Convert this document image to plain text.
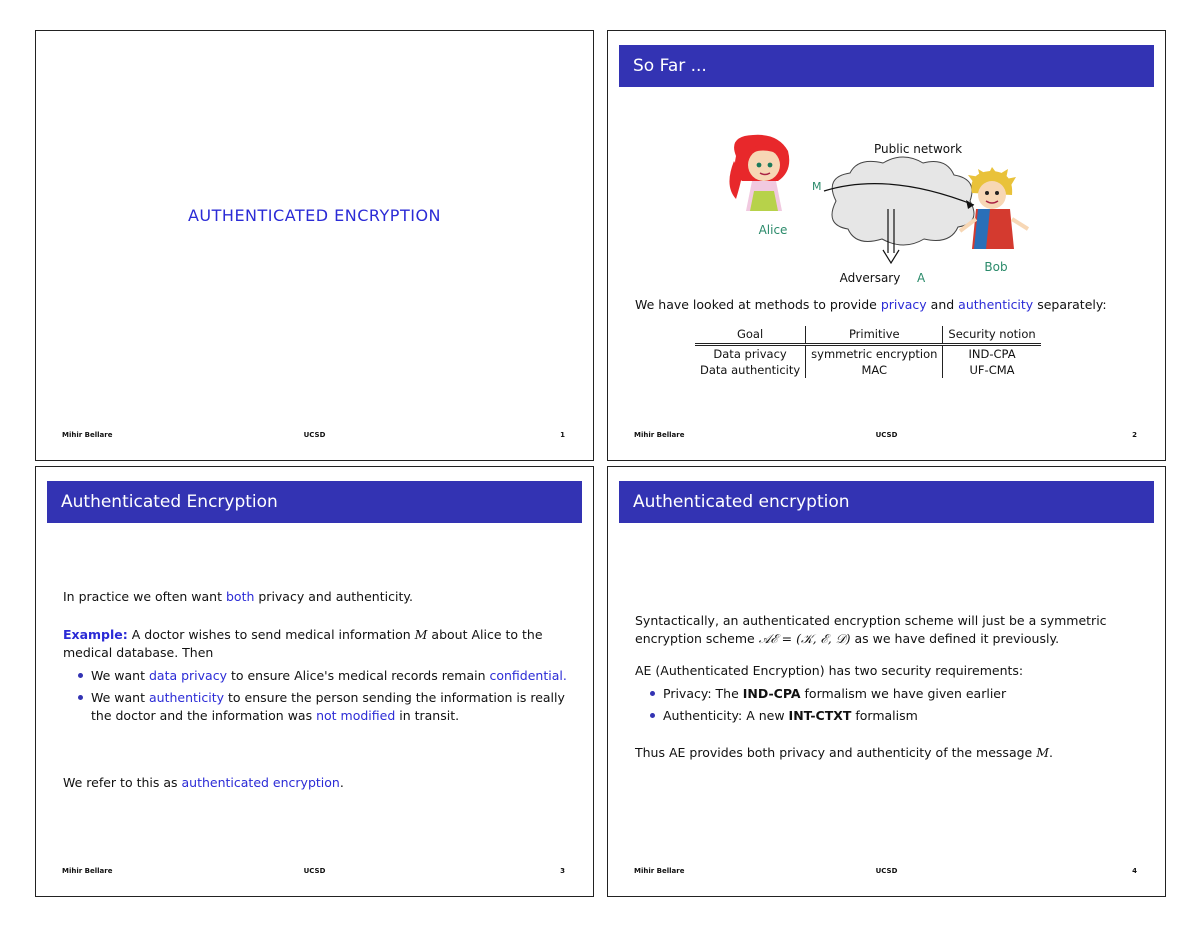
AUTHENTICATED ENCRYPTION
Mihir Bellare	UCSD	1
So Far ...
Alice
Public network
M
Adversary A
Bob
We have looked at methods to provide privacy and authenticity separately:
Goal	Primitive	Security notion
Data privacy	symmetric encryption	IND-CPA
Data authenticity	MAC	UF-CMA
Mihir Bellare	UCSD	2
Authenticated Encryption
In practice we often want both privacy and authenticity.
Example: A doctor wishes to send medical information M about Alice to the medical database. Then
We want data privacy to ensure Alice's medical records remain confidential.
We want authenticity to ensure the person sending the information is really the doctor and the information was not modified in transit.
We refer to this as authenticated encryption.
Mihir Bellare	UCSD	3
Authenticated encryption
Syntactically, an authenticated encryption scheme will just be a symmetric encryption scheme 𝒜ℰ = (𝒦, ℰ, 𝒟) as we have defined it previously.
AE (Authenticated Encryption) has two security requirements:
Privacy: The IND-CPA formalism we have given earlier
Authenticity: A new INT-CTXT formalism
Thus AE provides both privacy and authenticity of the message M.
Mihir Bellare	UCSD	4
